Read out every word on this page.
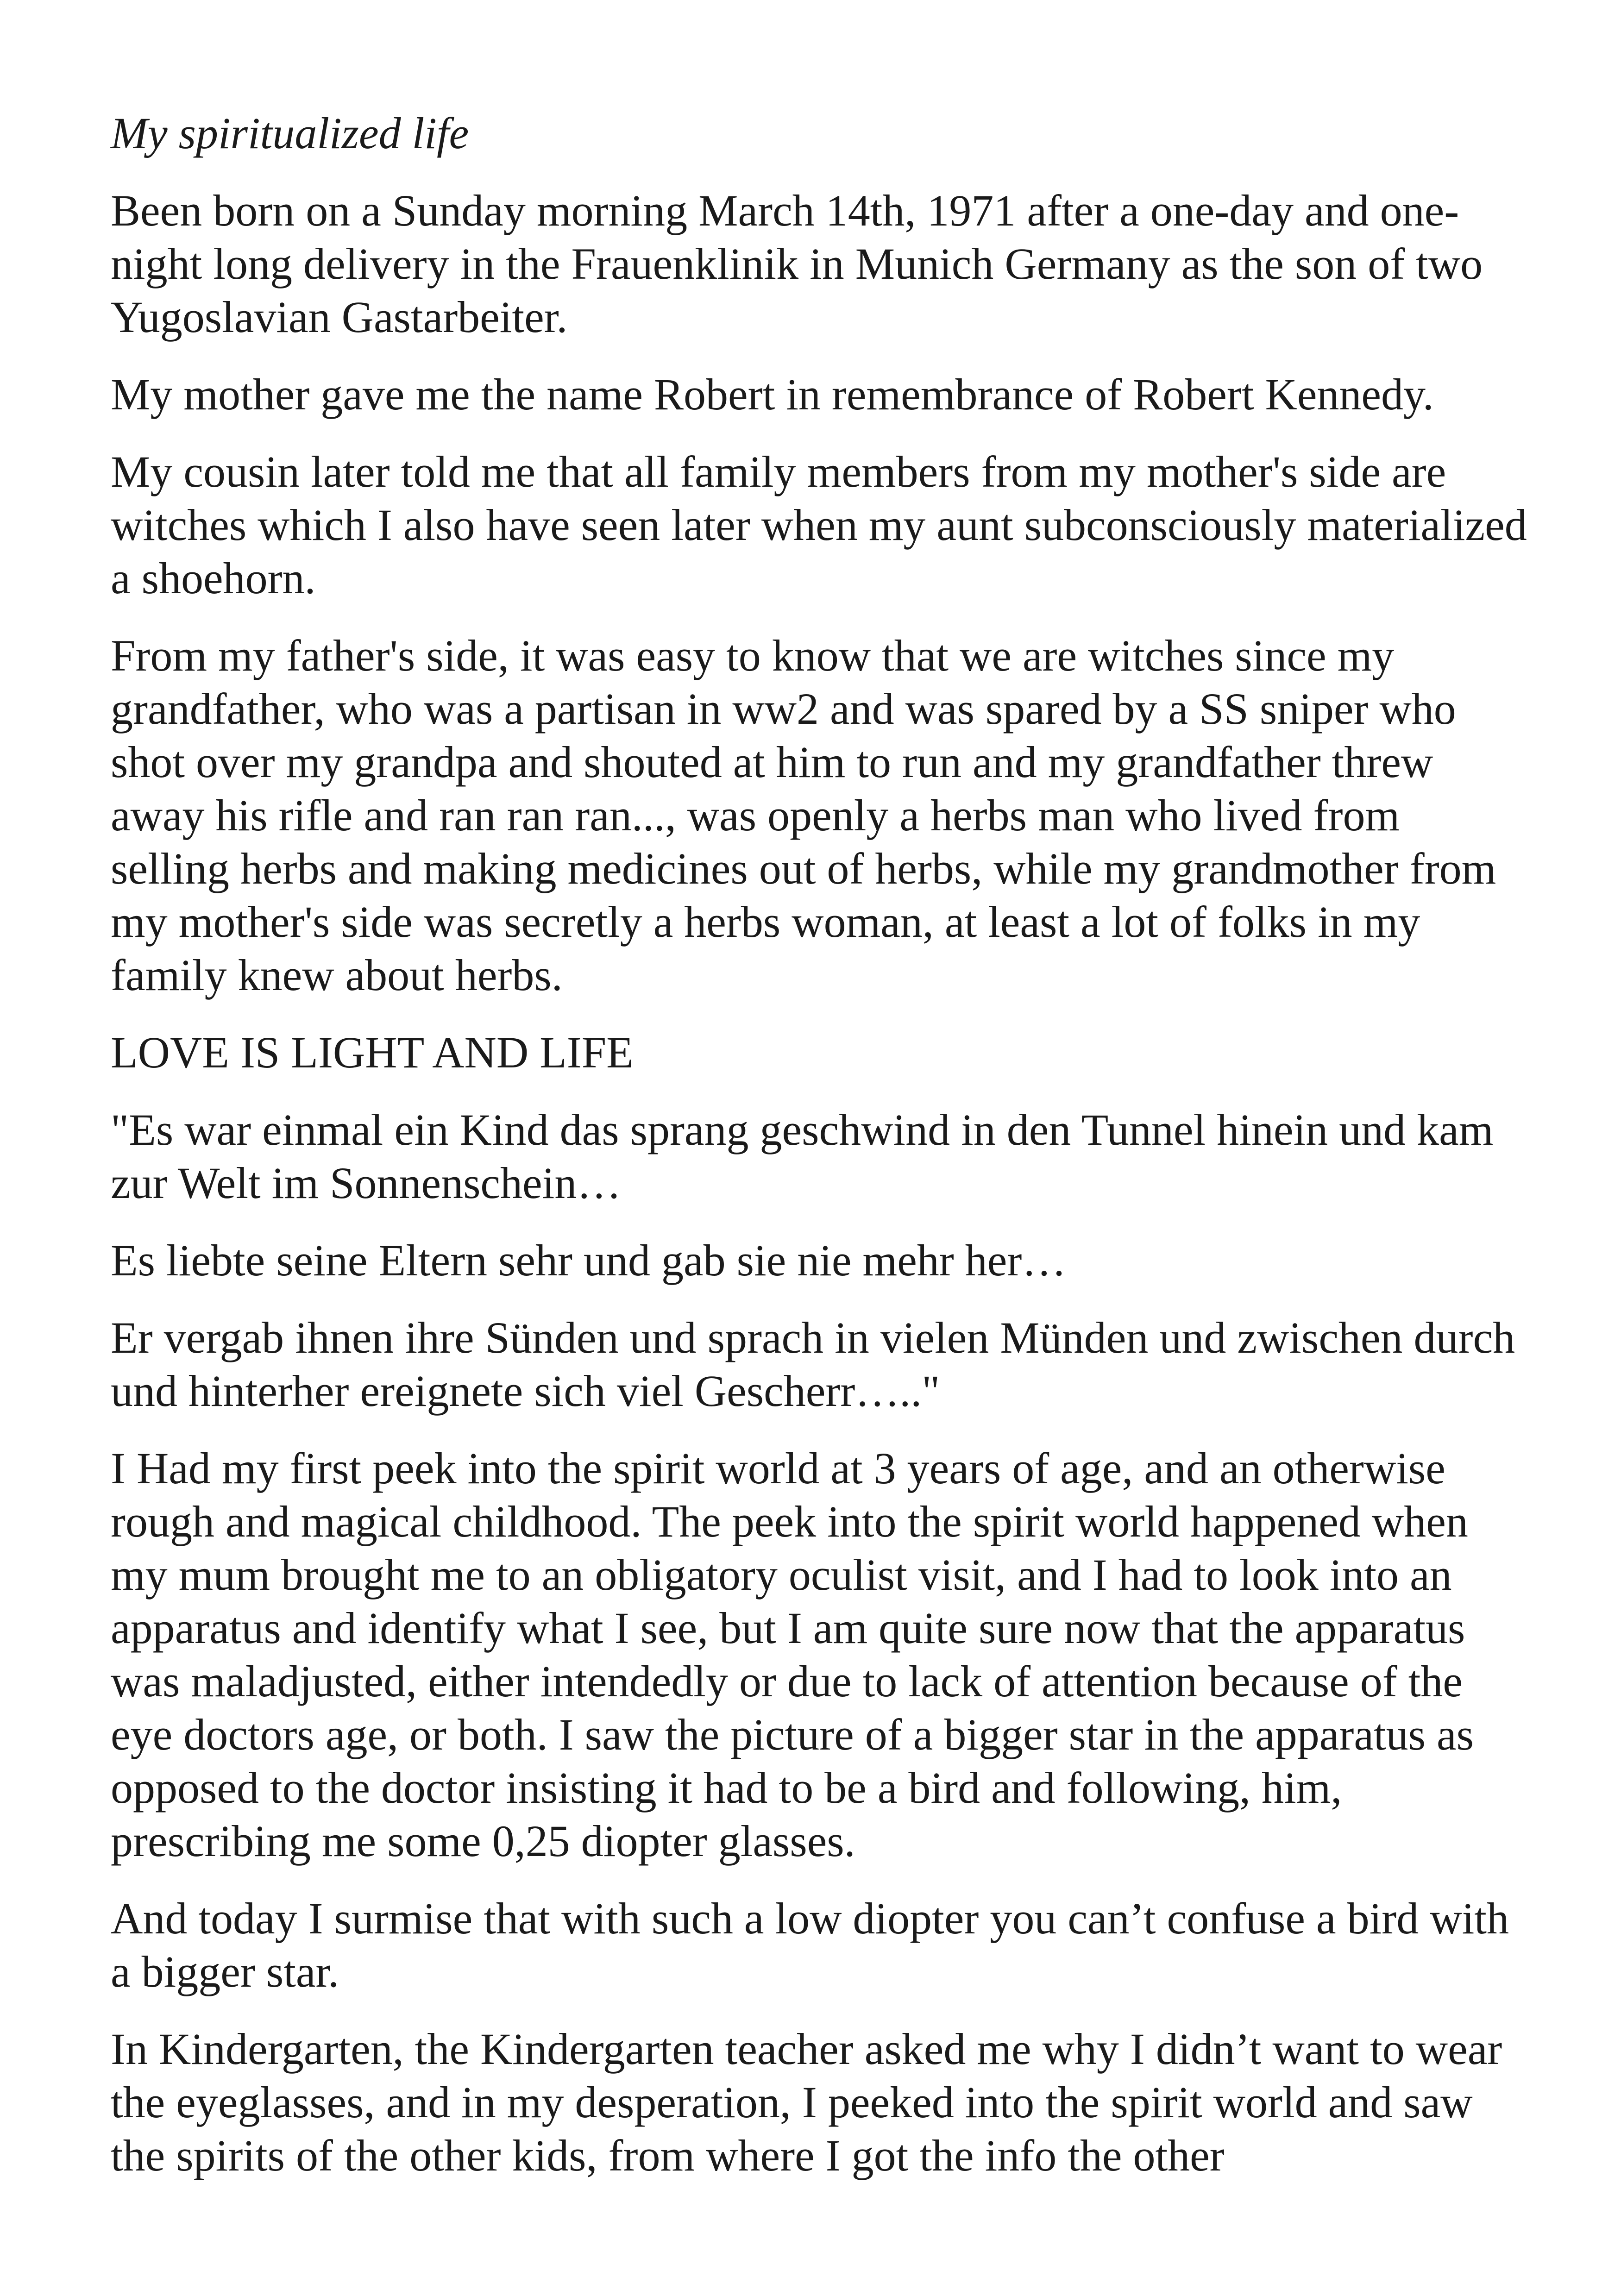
My spiritualized life

Been born on a Sunday morning March 14th, 1971 after a one-day and one-night long delivery in the Frauenklinik in Munich Germany as the son of two Yugoslavian Gastarbeiter.

My mother gave me the name Robert in remembrance of Robert Kennedy.

My cousin later told me that all family members from my mother's side are witches which I also have seen later when my aunt subconsciously materialized a shoehorn.

From my father's side, it was easy to know that we are witches since my grandfather, who was a partisan in ww2 and was spared by a SS sniper who shot over my grandpa and shouted at him to run and my grandfather threw away his rifle and ran ran ran..., was openly a herbs man who lived from selling herbs and making medicines out of herbs, while my grandmother from my mother's side was secretly a herbs woman, at least a lot of folks in my family knew about herbs.

LOVE IS LIGHT AND LIFE

"Es war einmal ein Kind das sprang geschwind in den Tunnel hinein und kam zur Welt im Sonnenschein…

Es liebte seine Eltern sehr und gab sie nie mehr her…

Er vergab ihnen ihre Sünden und sprach in vielen Münden und zwischen durch und hinterher ereignete sich viel Gescherr….."

I Had my first peek into the spirit world at 3 years of age, and an otherwise rough and magical childhood. The peek into the spirit world happened when my mum brought me to an obligatory oculist visit, and I had to look into an apparatus and identify what I see, but I am quite sure now that the apparatus was maladjusted, either intendedly or due to lack of attention because of the eye doctors age, or both. I saw the picture of a bigger star in the apparatus as opposed to the doctor insisting it had to be a bird and following, him, prescribing me some 0,25 diopter glasses.

And today I surmise that with such a low diopter you can’t confuse a bird with a bigger star.

In Kindergarten, the Kindergarten teacher asked me why I didn’t want to wear the eyeglasses, and in my desperation, I peeked into the spirit world and saw the spirits of the other kids, from where I got the info the other
